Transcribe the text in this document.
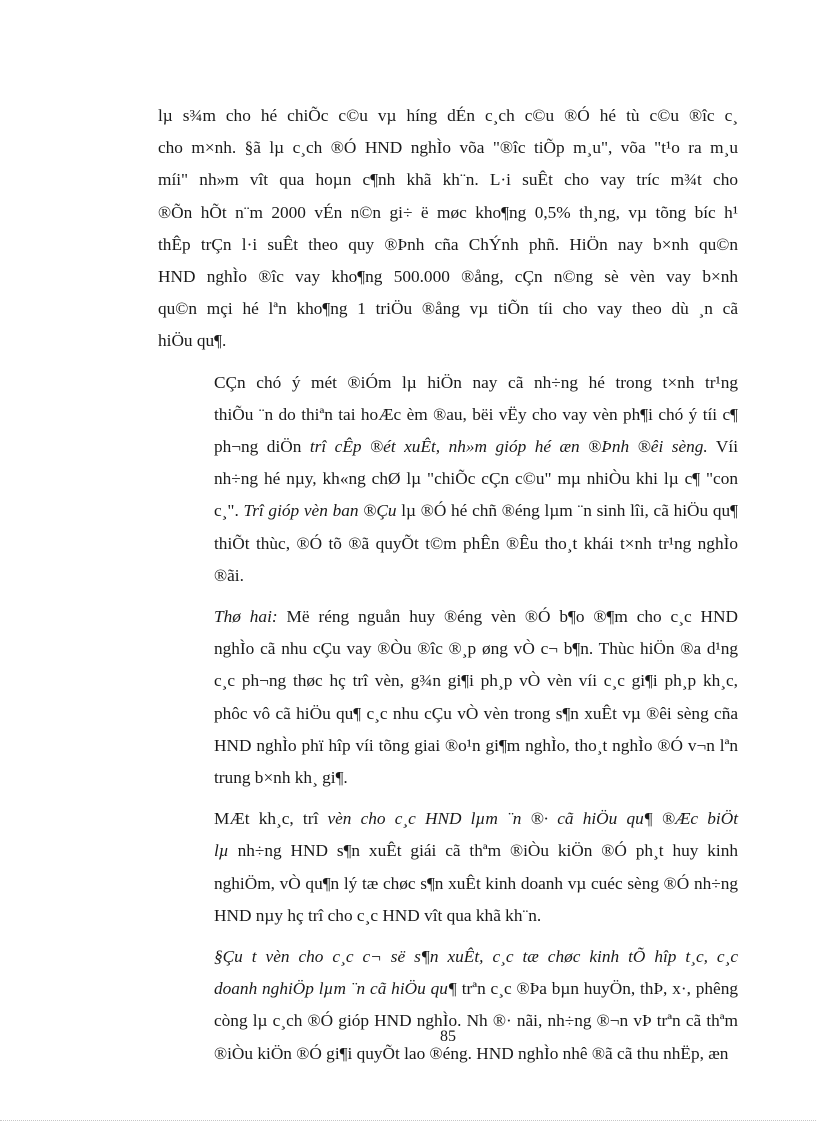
lµ s¾m cho hé chiÕc c©u vµ híng dÉn c¸ch c©u ®Ó hé tù c©u ®îc c¸
cho m×nh. §ã lµ c¸ch ®Ó HND nghÌo võa "®îc tiÕp m¸u", võa "t¹o ra m¸u
míi" nh»m vît qua hoµn c¶nh khã kh¨n. L·i suÊt cho vay tríc m¾t cho
®Õn hÕt n¨m 2000 vÉn n©n gi÷ ë møc kho¶ng 0,5% th¸ng, vµ tõng bíc h¹
thÊp trÇn l·i suÊt theo quy ®Þnh cña ChÝnh phñ. HiÖn nay b×nh qu©n
HND nghÌo ®îc vay kho¶ng 500.000 ®ång, cÇn n©ng sè vèn vay b×nh
qu©n mçi hé lªn kho¶ng 1 triÖu ®ång vµ tiÕn tíi cho vay theo dù ¸n cã
hiÖu qu¶.
CÇn chó ý mét ®iÓm lµ hiÖn nay cã nh÷ng hé trong t×nh tr¹ng
thiÕu ¨n do thiªn tai hoÆc èm ®au, bëi vËy cho vay vèn ph¶i chó ý tíi c¶
ph¬ng diÖn trî cÊp ®ét xuÊt, nh»m gióp hé æn ®Þnh ®êi sèng. Víi
nh÷ng hé nµy, kh«ng chØ lµ "chiÕc cÇn c©u" mµ nhiÒu khi lµ c¶ "con
c¸". Trî gióp vèn ban ®Çu lµ ®Ó hé chñ ®éng lµm ¨n sinh lîi, cã hiÖu qu¶
thiÕt thùc, ®Ó tõ ®ã quyÕt t©m phÊn ®Êu tho¸t khái t×nh tr¹ng nghÌo
®ãi.
Thø hai: Më réng nguån huy ®éng vèn ®Ó b¶o ®¶m cho c¸c HND
nghÌo cã nhu cÇu vay ®Òu ®îc ®¸p øng vÒ c¬ b¶n. Thùc hiÖn ®a d¹ng
c¸c ph¬ng thøc hç trî vèn, g¾n gi¶i ph¸p vÒ vèn víi c¸c gi¶i ph¸p kh¸c,
phôc vô cã hiÖu qu¶ c¸c nhu cÇu vÒ vèn trong s¶n xuÊt vµ ®êi sèng cña
HND nghÌo phï hîp víi tõng giai ®o¹n gi¶m nghÌo, tho¸t nghÌo ®Ó v¬n lªn
trung b×nh kh¸ gi¶.
MÆt kh¸c, trî vèn cho c¸c HND lµm ¨n ®· cã hiÖu qu¶ ®Æc biÖt
lµ nh÷ng HND s¶n xuÊt giái cã thªm ®iÒu kiÖn ®Ó ph¸t huy kinh
nghiÖm, vÒ qu¶n lý tæ chøc s¶n xuÊt kinh doanh vµ cuéc sèng ®Ó nh÷ng
HND nµy hç trî cho c¸c HND vît qua khã kh¨n.
§Çu t vèn cho c¸c c¬ së s¶n xuÊt, c¸c tæ chøc kinh tÕ hîp t¸c, c¸c
doanh nghiÖp lµm ¨n cã hiÖu qu¶ trªn c¸c ®Þa bµn huyÖn, thÞ, x·, phêng
còng lµ c¸ch ®Ó gióp HND nghÌo. Nh ®· nãi, nh÷ng ®¬n vÞ trªn cã thªm
®iÒu kiÖn ®Ó gi¶i quyÕt lao ®éng. HND nghÌo nhê ®ã cã thu nhËp, æn
85
